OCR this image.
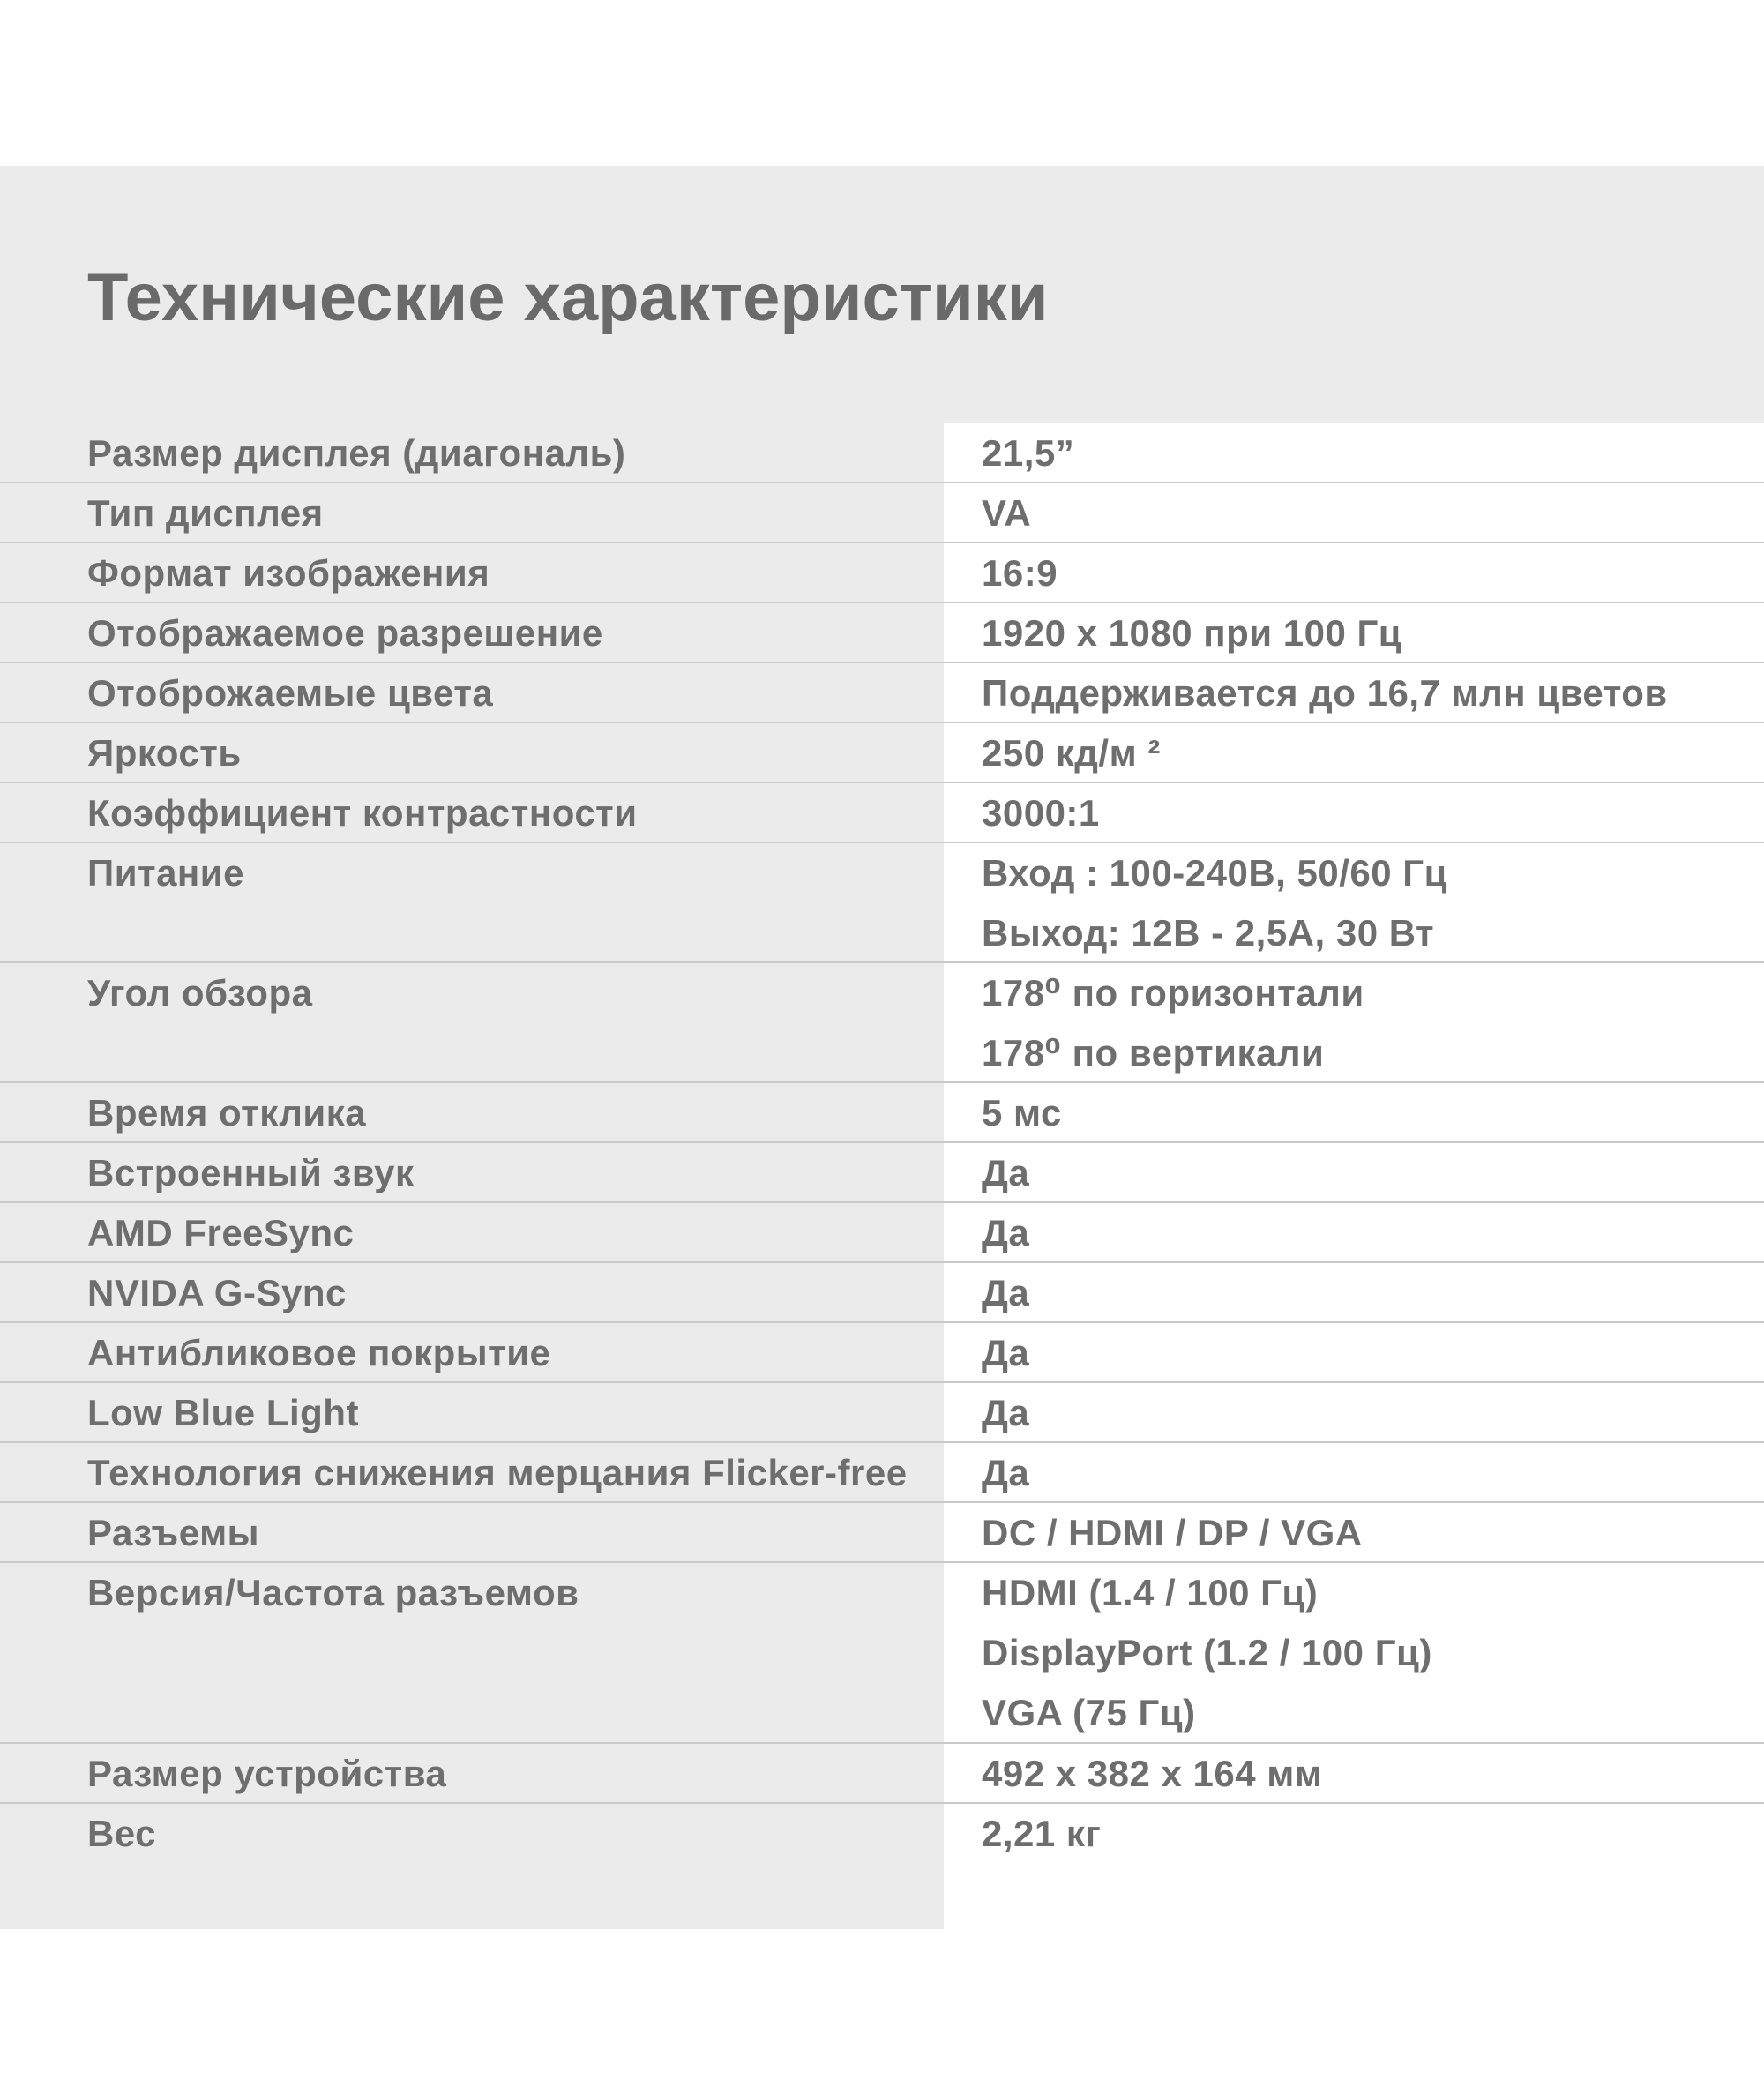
Технические характеристики
Размер дисплея (диагональ)	21,5”
Тип дисплея	VA
Формат изображения	16:9
Отображаемое разрешение	1920 x 1080 при 100 Гц
Отоброжаемые цвета	Поддерживается до 16,7 млн цветов
Яркость	250 кд/м ²
Коэффициент контрастности	3000:1
Питание	Вход : 100-240В, 50/60 Гц
Выход: 12В - 2,5А, 30 Вт
Угол обзора	178⁰ по горизонтали
178⁰ по вертикали
Время отклика	5 мс
Встроенный звук	Да
AMD FreeSync	Да
NVIDA G-Sync	Да
Антибликовое покрытие	Да
Low Blue Light	Да
Технология снижения мерцания Flicker-free Да
Разъемы	DC / HDMI / DP / VGA
Версия/Частота разъемов	HDMI (1.4 / 100 Гц)
DisplayPort (1.2 / 100 Гц)
VGA (75 Гц)
Размер устройства	492 x 382 x 164 мм
Вес	2,21 кг
